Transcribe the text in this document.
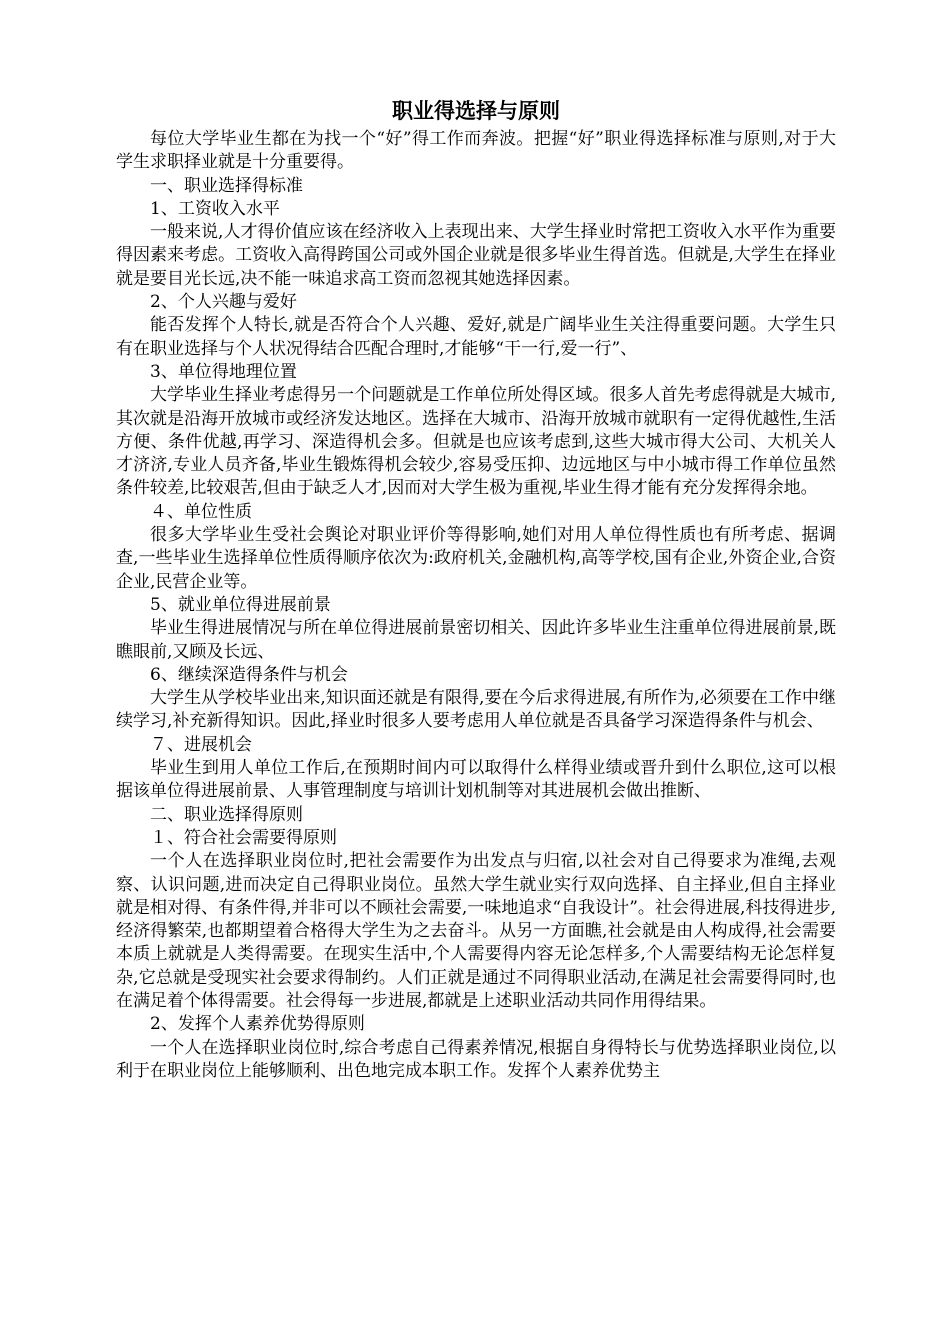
职业得选择与原则
每位大学毕业生都在为找一个“好”得工作而奔波。把握“好”职业得选择标准与原则,对于大学生求职择业就是十分重要得。
一、职业选择得标准
1、工资收入水平
一般来说,人才得价值应该在经济收入上表现出来、大学生择业时常把工资收入水平作为重要得因素来考虑。工资收入高得跨国公司或外国企业就是很多毕业生得首选。但就是,大学生在择业就是要目光长远,决不能一味追求高工资而忽视其她选择因素。
2、个人兴趣与爱好
能否发挥个人特长,就是否符合个人兴趣、爱好,就是广阔毕业生关注得重要问题。大学生只有在职业选择与个人状况得结合匹配合理时,才能够“干一行,爱一行”、
3、单位得地理位置
大学毕业生择业考虑得另一个问题就是工作单位所处得区域。很多人首先考虑得就是大城市,其次就是沿海开放城市或经济发达地区。选择在大城市、沿海开放城市就职有一定得优越性,生活方便、条件优越,再学习、深造得机会多。但就是也应该考虑到,这些大城市得大公司、大机关人才济济,专业人员齐备,毕业生锻炼得机会较少,容易受压抑、边远地区与中小城市得工作单位虽然条件较差,比较艰苦,但由于缺乏人才,因而对大学生极为重视,毕业生得才能有充分发挥得余地。
４、单位性质
很多大学毕业生受社会舆论对职业评价等得影响,她们对用人单位得性质也有所考虑、据调查,一些毕业生选择单位性质得顺序依次为:政府机关,金融机构,高等学校,国有企业,外资企业,合资企业,民营企业等。
5、就业单位得进展前景
毕业生得进展情况与所在单位得进展前景密切相关、因此许多毕业生注重单位得进展前景,既瞧眼前,又顾及长远、
6、继续深造得条件与机会
大学生从学校毕业出来,知识面还就是有限得,要在今后求得进展,有所作为,必须要在工作中继续学习,补充新得知识。因此,择业时很多人要考虑用人单位就是否具备学习深造得条件与机会、
７、进展机会
毕业生到用人单位工作后,在预期时间内可以取得什么样得业绩或晋升到什么职位,这可以根据该单位得进展前景、人事管理制度与培训计划机制等对其进展机会做出推断、
二、职业选择得原则
１、符合社会需要得原则
一个人在选择职业岗位时,把社会需要作为出发点与归宿,以社会对自己得要求为准绳,去观察、认识问题,进而决定自己得职业岗位。虽然大学生就业实行双向选择、自主择业,但自主择业就是相对得、有条件得,并非可以不顾社会需要,一味地追求“自我设计”。社会得进展,科技得进步,经济得繁荣,也都期望着合格得大学生为之去奋斗。从另一方面瞧,社会就是由人构成得,社会需要本质上就就是人类得需要。在现实生活中,个人需要得内容无论怎样多,个人需要结构无论怎样复杂,它总就是受现实社会要求得制约。人们正就是通过不同得职业活动,在满足社会需要得同时,也在满足着个体得需要。社会得每一步进展,都就是上述职业活动共同作用得结果。
2、发挥个人素养优势得原则
一个人在选择职业岗位时,综合考虑自己得素养情况,根据自身得特长与优势选择职业岗位,以利于在职业岗位上能够顺利、出色地完成本职工作。发挥个人素养优势主
